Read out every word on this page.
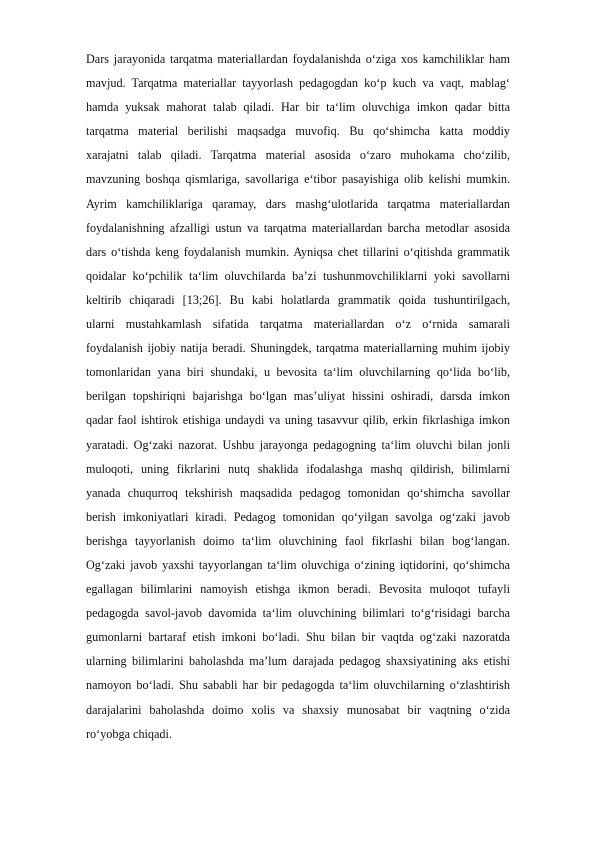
Dars jarayonida tarqatma materiallardan foydalanishda o‘ziga xos kamchiliklar ham
mavjud. Tarqatma materiallar tayyorlash pedagogdan ko‘p kuch va vaqt, mablag‘
hamda yuksak mahorat talab qiladi. Har bir ta‘lim oluvchiga imkon qadar bitta
tarqatma material berilishi maqsadga muvofiq. Bu qo‘shimcha katta moddiy
xarajatni talab qiladi. Tarqatma material asosida o‘zaro muhokama cho‘zilib,
mavzuning boshqa qismlariga, savollariga e‘tibor pasayishiga olib kelishi mumkin.
Ayrim kamchiliklariga qaramay, dars mashg‘ulotlarida tarqatma materiallardan
foydalanishning afzalligi ustun va tarqatma materiallardan barcha metodlar asosida
dars o‘tishda keng foydalanish mumkin. Ayniqsa chet tillarini o‘qitishda grammatik
qoidalar ko‘pchilik ta‘lim oluvchilarda ba’zi tushunmovchiliklarni yoki savollarni
keltirib chiqaradi [13;26]. Bu kabi holatlarda grammatik qoida tushuntirilgach,
ularni mustahkamlash sifatida tarqatma materiallardan o‘z o‘rnida samarali
foydalanish ijobiy natija beradi. Shuningdek, tarqatma materiallarning muhim ijobiy
tomonlaridan yana biri shundaki, u bevosita ta‘lim oluvchilarning qo‘lida bo‘lib,
berilgan topshiriqni bajarishga bo‘lgan mas’uliyat hissini oshiradi, darsda imkon
qadar faol ishtirok etishiga undaydi va uning tasavvur qilib, erkin fikrlashiga imkon
yaratadi. Og‘zaki nazorat. Ushbu jarayonga pedagogning ta‘lim oluvchi bilan jonli
muloqoti, uning fikrlarini nutq shaklida ifodalashga mashq qildirish, bilimlarni
yanada chuqurroq tekshirish maqsadida pedagog tomonidan qo‘shimcha savollar
berish imkoniyatlari kiradi. Pedagog tomonidan qo‘yilgan savolga og‘zaki javob
berishga tayyorlanish doimo ta‘lim oluvchining faol fikrlashi bilan bog‘langan.
Og‘zaki javob yaxshi tayyorlangan ta‘lim oluvchiga o‘zining iqtidorini, qo‘shimcha
egallagan bilimlarini namoyish etishga ikmon beradi. Bevosita muloqot tufayli
pedagogda savol-javob davomida ta‘lim oluvchining bilimlari to‘g‘risidagi barcha
gumonlarni bartaraf etish imkoni bo‘ladi. Shu bilan bir vaqtda og‘zaki nazoratda
ularning bilimlarini baholashda ma’lum darajada pedagog shaxsiyatining aks etishi
namoyon bo‘ladi. Shu sababli har bir pedagogda ta‘lim oluvchilarning o‘zlashtirish
darajalarini baholashda doimo xolis va shaxsiy munosabat bir vaqtning o‘zida
ro‘yobga chiqadi.
